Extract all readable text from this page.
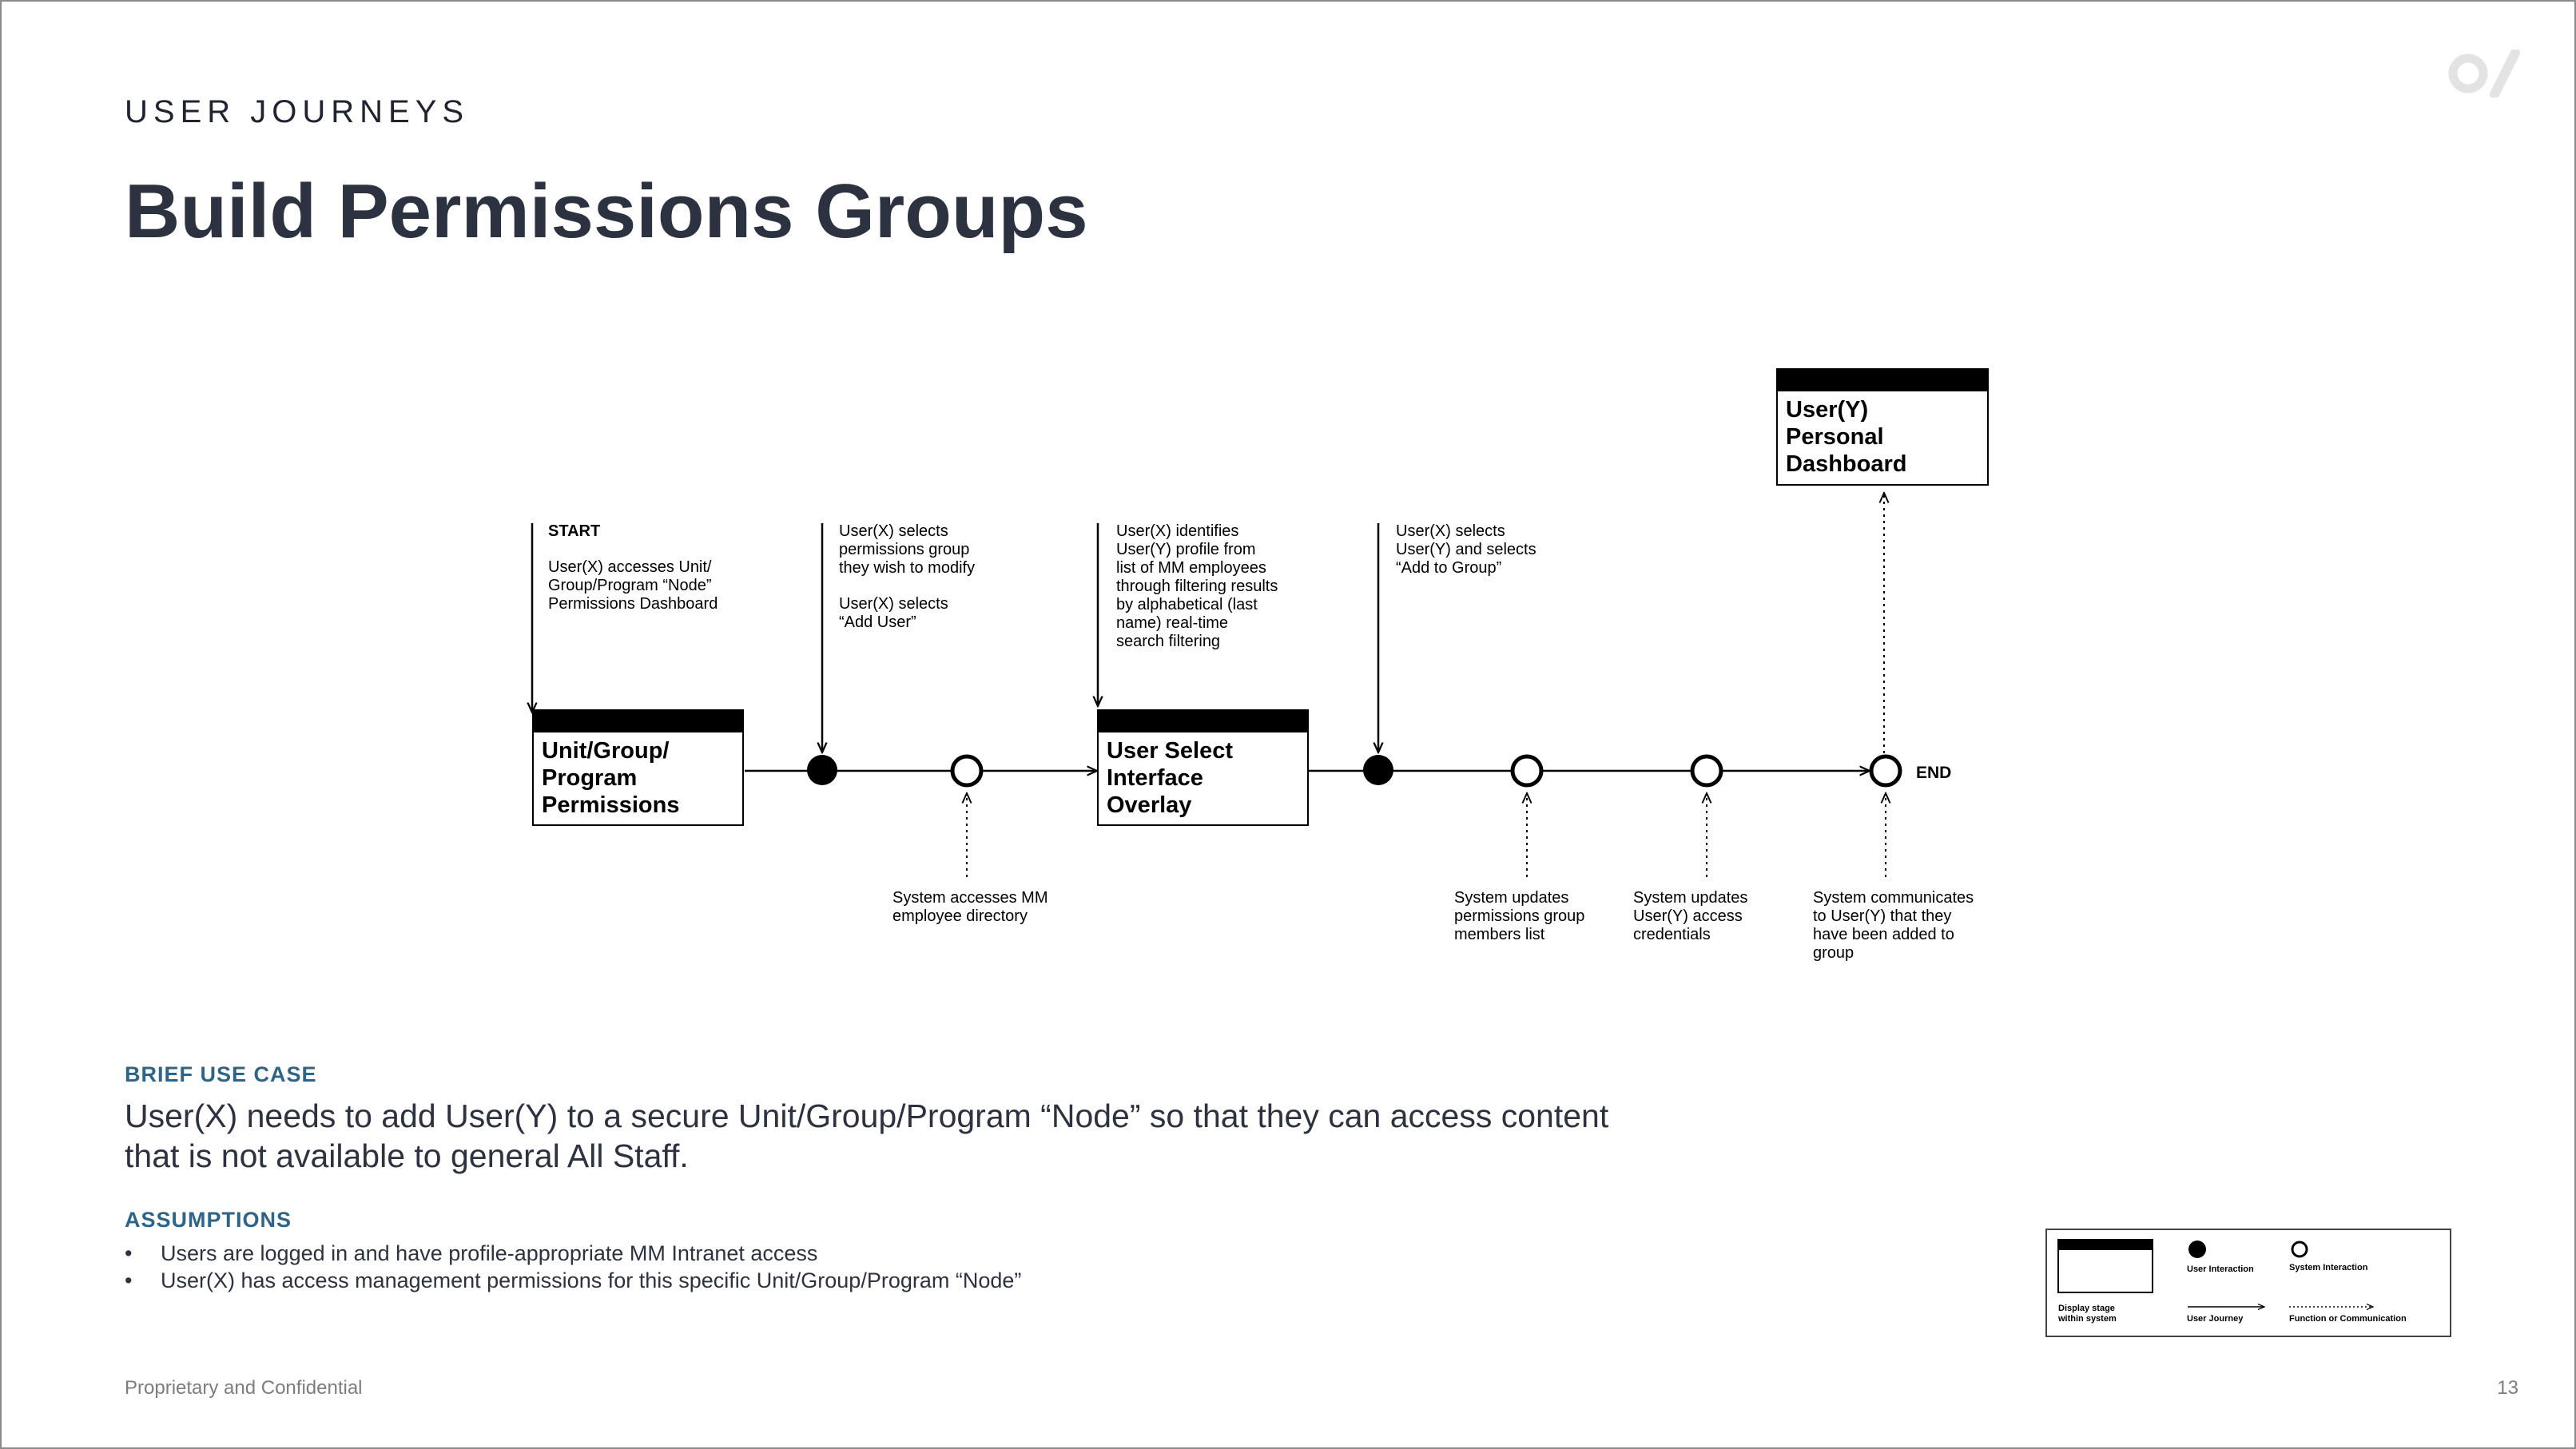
USER JOURNEYS
Build Permissions Groups
Unit/Group/ Program Permissions
User Select Interface Overlay
User(Y) Personal Dashboard
START User(X) accesses Unit/ Group/Program “Node” Permissions Dashboard
User(X) selects permissions group they wish to modify User(X) selects “Add User”
User(X) identifies User(Y) profile from list of MM employees through filtering results by alphabetical (last name) real-time search filtering
User(X) selects User(Y) and selects “Add to Group”
System accesses MM employee directory
System updates permissions group members list
System updates User(Y) access credentials
System communicates to User(Y) that they have been added to group
END
BRIEF USE CASE
User(X) needs to add User(Y) to a secure Unit/Group/Program “Node” so that they can access content that is not available to general All Staff.
ASSUMPTIONS
• Users are logged in and have profile-appropriate MM Intranet access
• User(X) has access management permissions for this specific Unit/Group/Program “Node”	User Interaction	System Interaction
Display stage within system	User Journey	Function or Communication
Proprietary and Confidential	13
